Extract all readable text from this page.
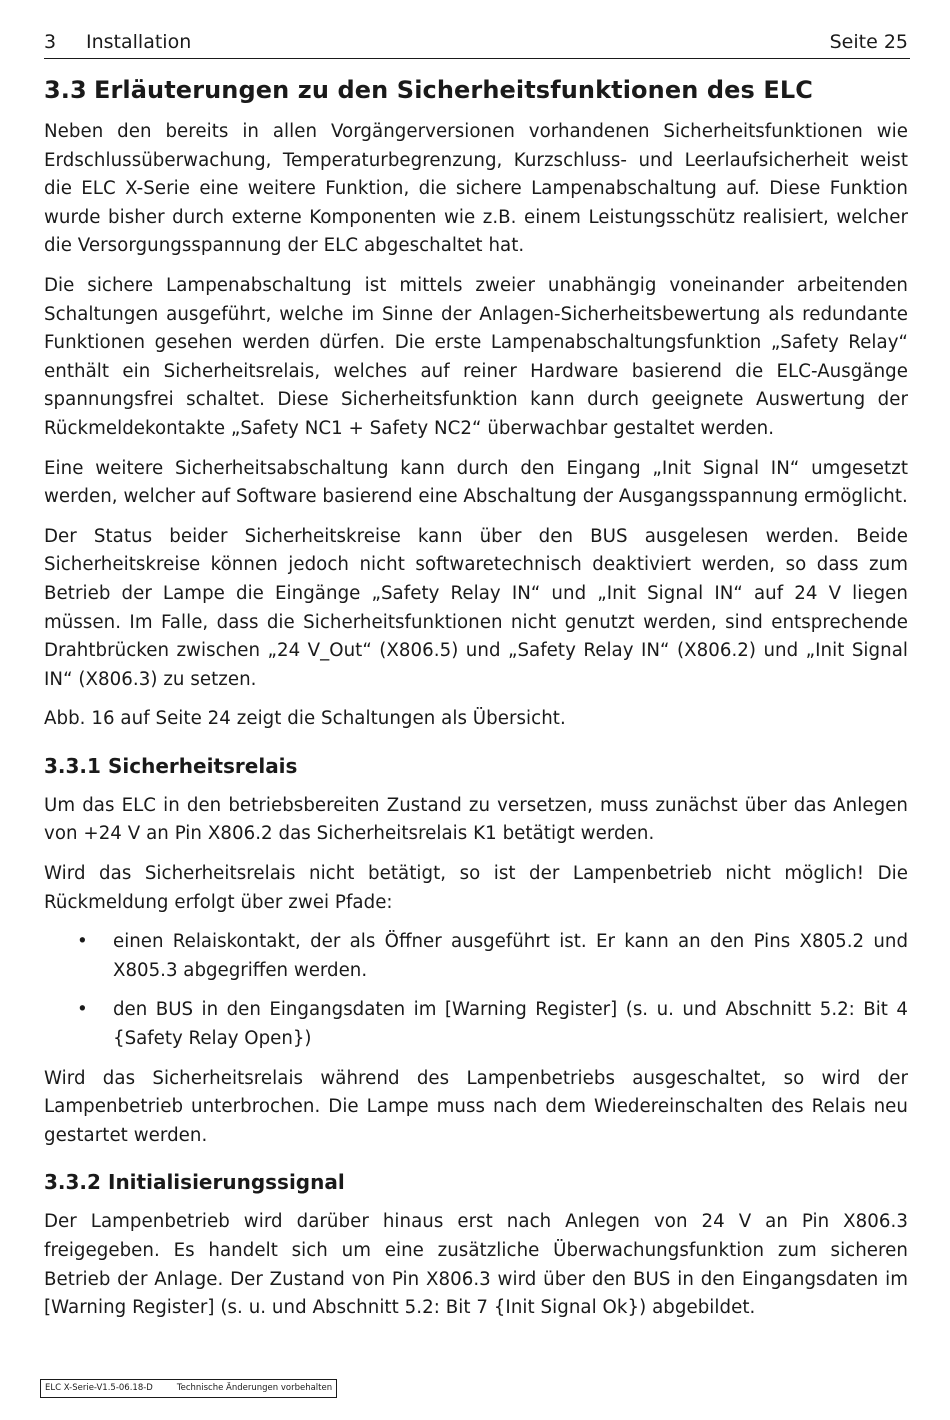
3 Installation	Seite 25
3.3 Erläuterungen zu den Sicherheitsfunktionen des ELC

Neben den bereits in allen Vorgängerversionen vorhandenen Sicherheitsfunktionen wie Erdschlussüberwachung, Temperaturbegrenzung, Kurzschluss- und Leerlaufsicherheit weist die ELC X-Serie eine weitere Funktion, die sichere Lampenabschaltung auf. Diese Funktion wurde bisher durch externe Komponenten wie z.B. einem Leistungsschütz realisiert, welcher die Versorgungsspannung der ELC abgeschaltet hat.

Die sichere Lampenabschaltung ist mittels zweier unabhängig voneinander arbeitenden Schaltungen ausgeführt, welche im Sinne der Anlagen-Sicherheitsbewertung als redundante Funktionen gesehen werden dürfen. Die erste Lampenabschaltungsfunktion „Safety Relay“ enthält ein Sicherheitsrelais, welches auf reiner Hardware basierend die ELC-Ausgänge spannungsfrei schaltet. Diese Sicherheitsfunktion kann durch geeignete Auswertung der Rückmeldekontakte „Safety NC1 + Safety NC2“ überwachbar gestaltet werden.

Eine weitere Sicherheitsabschaltung kann durch den Eingang „Init Signal IN“ umgesetzt werden, welcher auf Software basierend eine Abschaltung der Ausgangsspannung ermöglicht.

Der Status beider Sicherheitskreise kann über den BUS ausgelesen werden. Beide Sicherheitskreise können jedoch nicht softwaretechnisch deaktiviert werden, so dass zum Betrieb der Lampe die Eingänge „Safety Relay IN“ und „Init Signal IN“ auf 24 V liegen müssen. Im Falle, dass die Sicherheitsfunktionen nicht genutzt werden, sind entsprechende Drahtbrücken zwischen „24 V_Out“ (X806.5) und „Safety Relay IN“ (X806.2) und „Init Signal IN“ (X806.3) zu setzen.

Abb. 16 auf Seite 24 zeigt die Schaltungen als Übersicht.

3.3.1 Sicherheitsrelais

Um das ELC in den betriebsbereiten Zustand zu versetzen, muss zunächst über das Anlegen von +24 V an Pin X806.2 das Sicherheitsrelais K1 betätigt werden.

Wird das Sicherheitsrelais nicht betätigt, so ist der Lampenbetrieb nicht möglich! Die Rückmeldung erfolgt über zwei Pfade:

• einen Relaiskontakt, der als Öffner ausgeführt ist. Er kann an den Pins X805.2 und X805.3 abgegriffen werden.
• den BUS in den Eingangsdaten im [Warning Register] (s. u. und Abschnitt 5.2: Bit 4 {Safety Relay Open})

Wird das Sicherheitsrelais während des Lampenbetriebs ausgeschaltet, so wird der Lampenbetrieb unterbrochen. Die Lampe muss nach dem Wiedereinschalten des Relais neu gestartet werden.

3.3.2 Initialisierungssignal

Der Lampenbetrieb wird darüber hinaus erst nach Anlegen von 24 V an Pin X806.3 freigegeben. Es handelt sich um eine zusätzliche Überwachungsfunktion zum sicheren Betrieb der Anlage. Der Zustand von Pin X806.3 wird über den BUS in den Eingangsdaten im [Warning Register] (s. u. und Abschnitt 5.2: Bit 7 {Init Signal Ok}) abgebildet.

ELC X-Serie-V1.5-06.18-D	Technische Änderungen vorbehalten
